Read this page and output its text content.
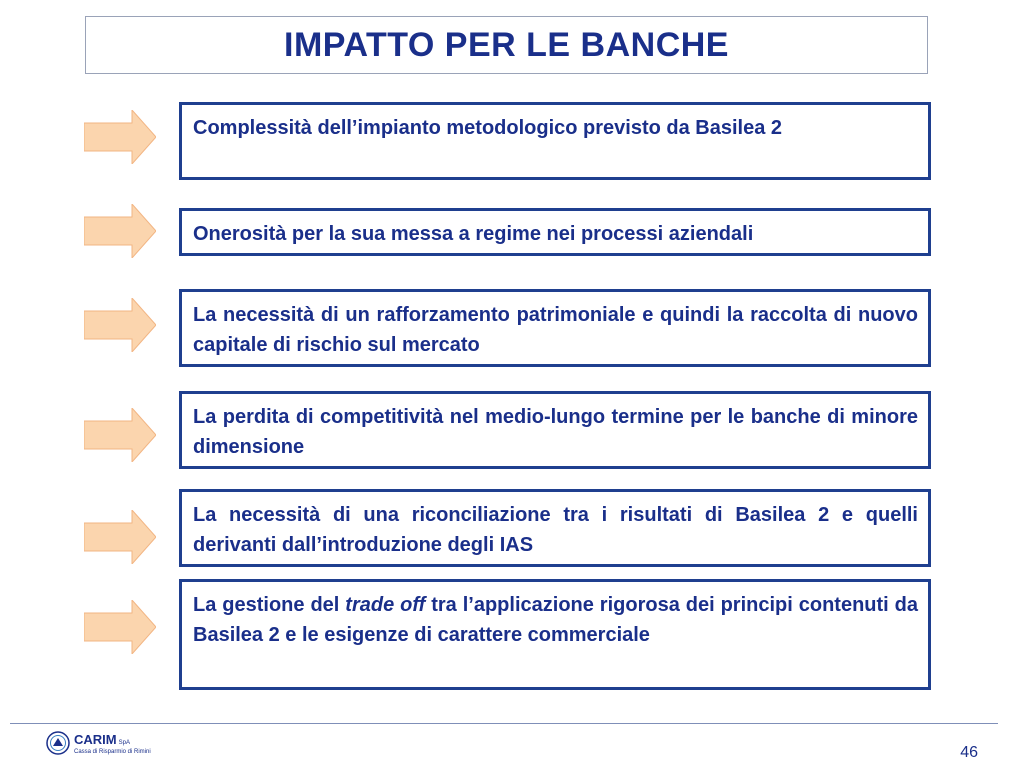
IMPATTO PER LE BANCHE
Complessità dell’impianto metodologico previsto da Basilea 2
Onerosità per la sua messa a regime nei processi aziendali
La necessità di un rafforzamento patrimoniale e quindi la raccolta di nuovo capitale di rischio sul mercato
La perdita di competitività nel medio-lungo termine per le banche di minore dimensione
La necessità di una riconciliazione tra i risultati di Basilea 2 e quelli derivanti dall’introduzione degli IAS
La gestione del trade off tra l’applicazione rigorosa dei principi contenuti da Basilea 2 e le esigenze di carattere commerciale
CARIM SpA
Cassa di Risparmio di Rimini	46
